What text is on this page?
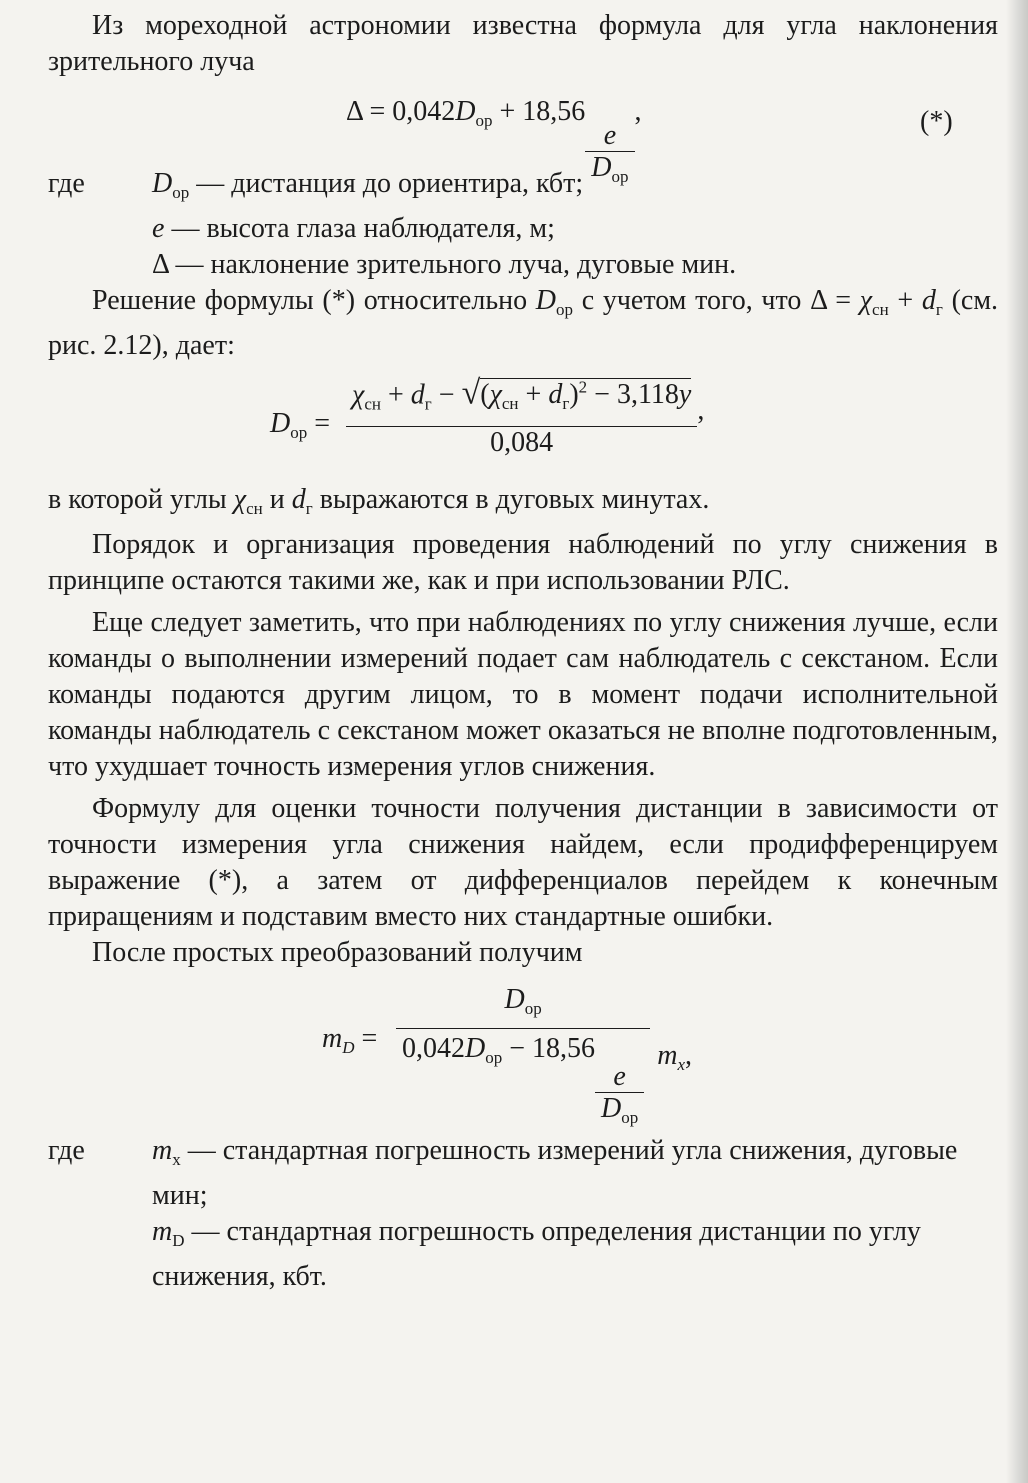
Из мореходной астрономии известна формула для угла наклонения зрительного луча

$\Delta = 0,042D_{ор} + 18,56$
$\frac{e}{D_{ор}}$
,	(*)
где	$D_{ор}$ — дистанция до ориентира, кбт;
e — высота глаза наблюдателя, м;
Δ — наклонение зрительного луча, дуговые мин.

Решение формулы (*) относительно $D_{ор}$ с учетом того, что $\Delta = \chi_{сн} + d_г$ (см. рис. 2.12), дает:

$D_{ор} = \frac{\chi_{сн} + d_г - √(\chi_{сн} + d_г)^2 - 3,118y}{0,084}$ ,

в которой углы $\chi_{сн}$ и $d_г$ выражаются в дуговых минутах.

Порядок и организация проведения наблюдений по углу снижения в принципе остаются такими же, как и при использовании РЛС.

Еще следует заметить, что при наблюдениях по углу снижения лучше, если команды о выполнении измерений подает сам наблюдатель с секстаном. Если команды подаются другим лицом, то в момент подачи исполнительной команды наблюдатель с секстаном может оказаться не вполне подготовленным, что ухудшает точность измерения углов снижения.

Формулу для оценки точности получения дистанции в зависимости от точности измерения угла снижения найдем, если продифференцируем выражение (*), а затем от дифференциалов перейдем к конечным приращениям и подставим вместо них стандартные ошибки.

После простых преобразований получим

$m_D = D_{ор}$
$0,042D_{ор} - 18,56$
$\frac{e}{D_{ор}} m_x$,
где	$m_x$ — стандартная погрешность измерений угла снижения, дуговые мин;
$m_D$ — стандартная погрешность определения дистанции по углу снижения, кбт.
